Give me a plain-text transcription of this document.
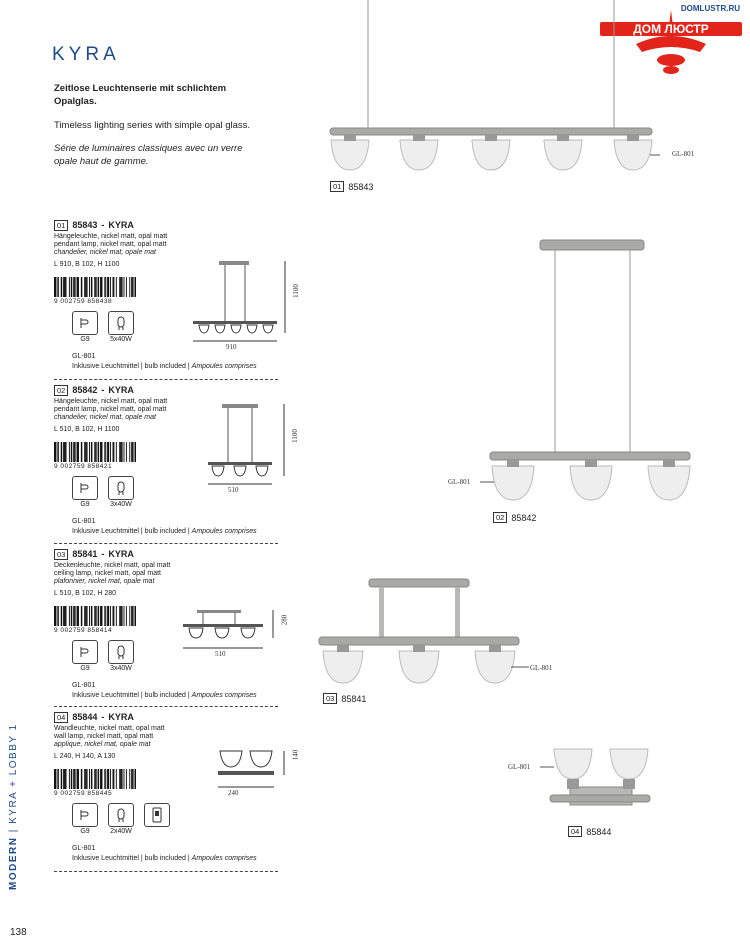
KYRA
Zeitlose Leuchtenserie mit schlichtem Opalglas.
Timeless lighting series with simple opal glass.
Série de luminaires classiques avec un verre opale haut de gamme.
DOMLUSTR.RU
ДОМ ЛЮСТР
MODERN | KYRA + LOBBY 1
138
01 85843 - KYRA
Hängeleuchte, nickel matt, opal matt
pendant lamp, nickel matt, opal matt
chandelier, nickel mat, opale mat
L 910, B 102, H 1100
9 002759 858438
G9	5x40W
GL-801
Inklusive Leuchtmittel | bulb included | Ampoules comprises
910
1100
02 85842 - KYRA
Hängeleuchte, nickel matt, opal matt
pendant lamp, nickel matt, opal matt
chandelier, nickel mat, opale mat
L 510, B 102, H 1100
9 002759 858421
G9	3x40W
GL-801
Inklusive Leuchtmittel | bulb included | Ampoules comprises
510
1100
03 85841 - KYRA
Deckenleuchte, nickel matt, opal matt
ceiling lamp, nickel matt, opal matt
plafonnier, nickel mat, opale mat
L 510, B 102, H 280
9 002759 858414
G9	3x40W
GL-801
Inklusive Leuchtmittel | bulb included | Ampoules comprises
510
280
04 85844 - KYRA
Wandleuchte, nickel matt, opal matt
wall lamp, nickel matt, opal matt
applique, nickel mat, opale mat
L 240, H 140, A 130
9 002759 858445
G9	2x40W
GL-801
Inklusive Leuchtmittel | bulb included | Ampoules comprises
240
140
GL-801
01 85843
GL-801
02 85842
GL-801
03 85841
GL-801
04 85844
